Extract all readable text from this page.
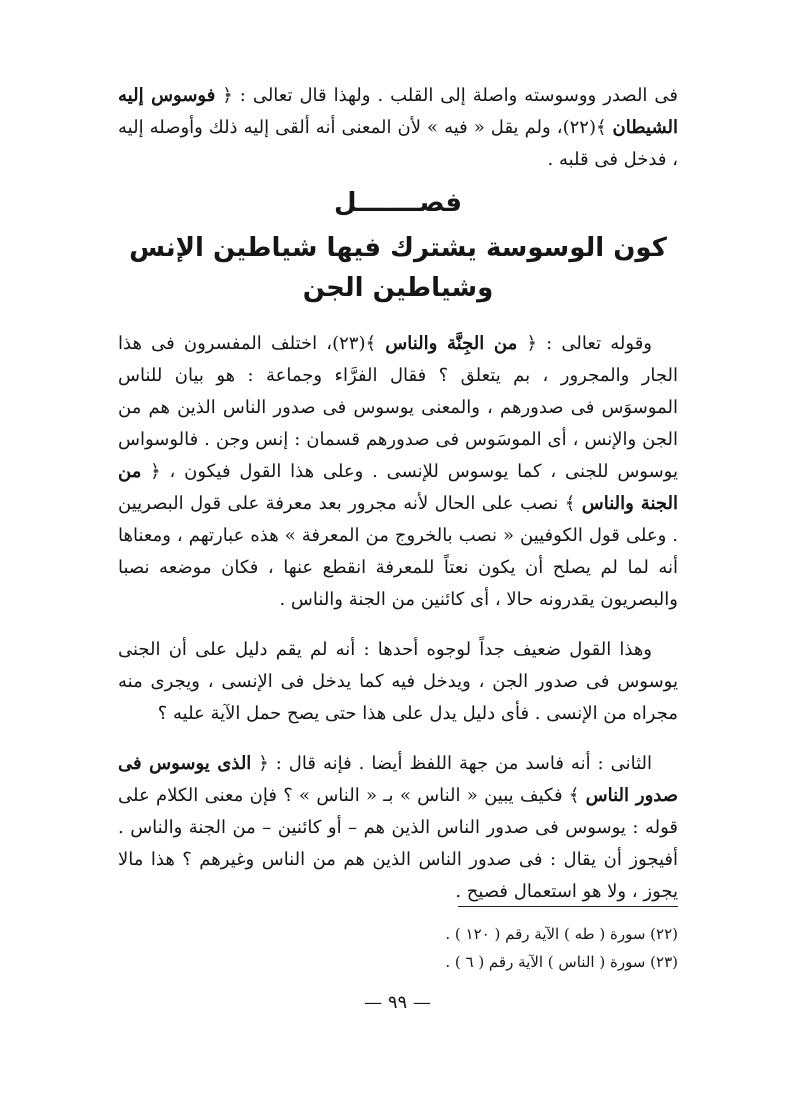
فى الصدر ووسوسته واصلة إلى القلب . ولهذا قال تعالى : ﴿ فوسوس إليه الشيطان ﴾(٢٢)، ولم يقل « فيه » لأن المعنى أنه ألقى إليه ذلك وأوصله إليه ، فدخل فى قلبه .

فصـــــــل
كون الوسوسة يشترك فيها شياطين الإنس وشياطين الجن

وقوله تعالى : ﴿ من الجِنَّة والناس ﴾(٢٣)، اختلف المفسرون فى هذا الجار والمجرور ، بم يتعلق ؟ فقال الفرَّاء وجماعة : هو بيان للناس الموسوَس فى صدورهم ، والمعنى يوسوس فى صدور الناس الذين هم من الجن والإنس ، أى الموسَوس فى صدورهم قسمان : إنس وجن . فالوسواس يوسوس للجنى ، كما يوسوس للإنسى . وعلى هذا القول فيكون ، ﴿ من الجنة والناس ﴾ نصب على الحال لأنه مجرور بعد معرفة على قول البصريين . وعلى قول الكوفيين « نصب بالخروج من المعرفة » هذه عبارتهم ، ومعناها أنه لما لم يصلح أن يكون نعتاً للمعرفة انقطع عنها ، فكان موضعه نصبا والبصريون يقدرونه حالا ، أى كائنين من الجنة والناس .

وهذا القول ضعيف جداً لوجوه أحدها : أنه لم يقم دليل على أن الجنى يوسوس فى صدور الجن ، ويدخل فيه كما يدخل فى الإنسى ، ويجرى منه مجراه من الإنسى . فأى دليل يدل على هذا حتى يصح حمل الآية عليه ؟

الثانى : أنه فاسد من جهة اللفظ أيضا . فإنه قال : ﴿ الذى يوسوس فى صدور الناس ﴾ فكيف يبين « الناس » بـ « الناس » ؟ فإن معنى الكلام على قوله : يوسوس فى صدور الناس الذين هم – أو كائنين – من الجنة والناس . أفيجوز أن يقال : فى صدور الناس الذين هم من الناس وغيرهم ؟ هذا مالا يجوز ، ولا هو استعمال فصيح .

(٢٢) سورة ( طه ) الآية رقم ( ١٢٠ ) .

(٢٣) سورة ( الناس ) الآية رقم ( ٦ ) .

— ٩٩ —
